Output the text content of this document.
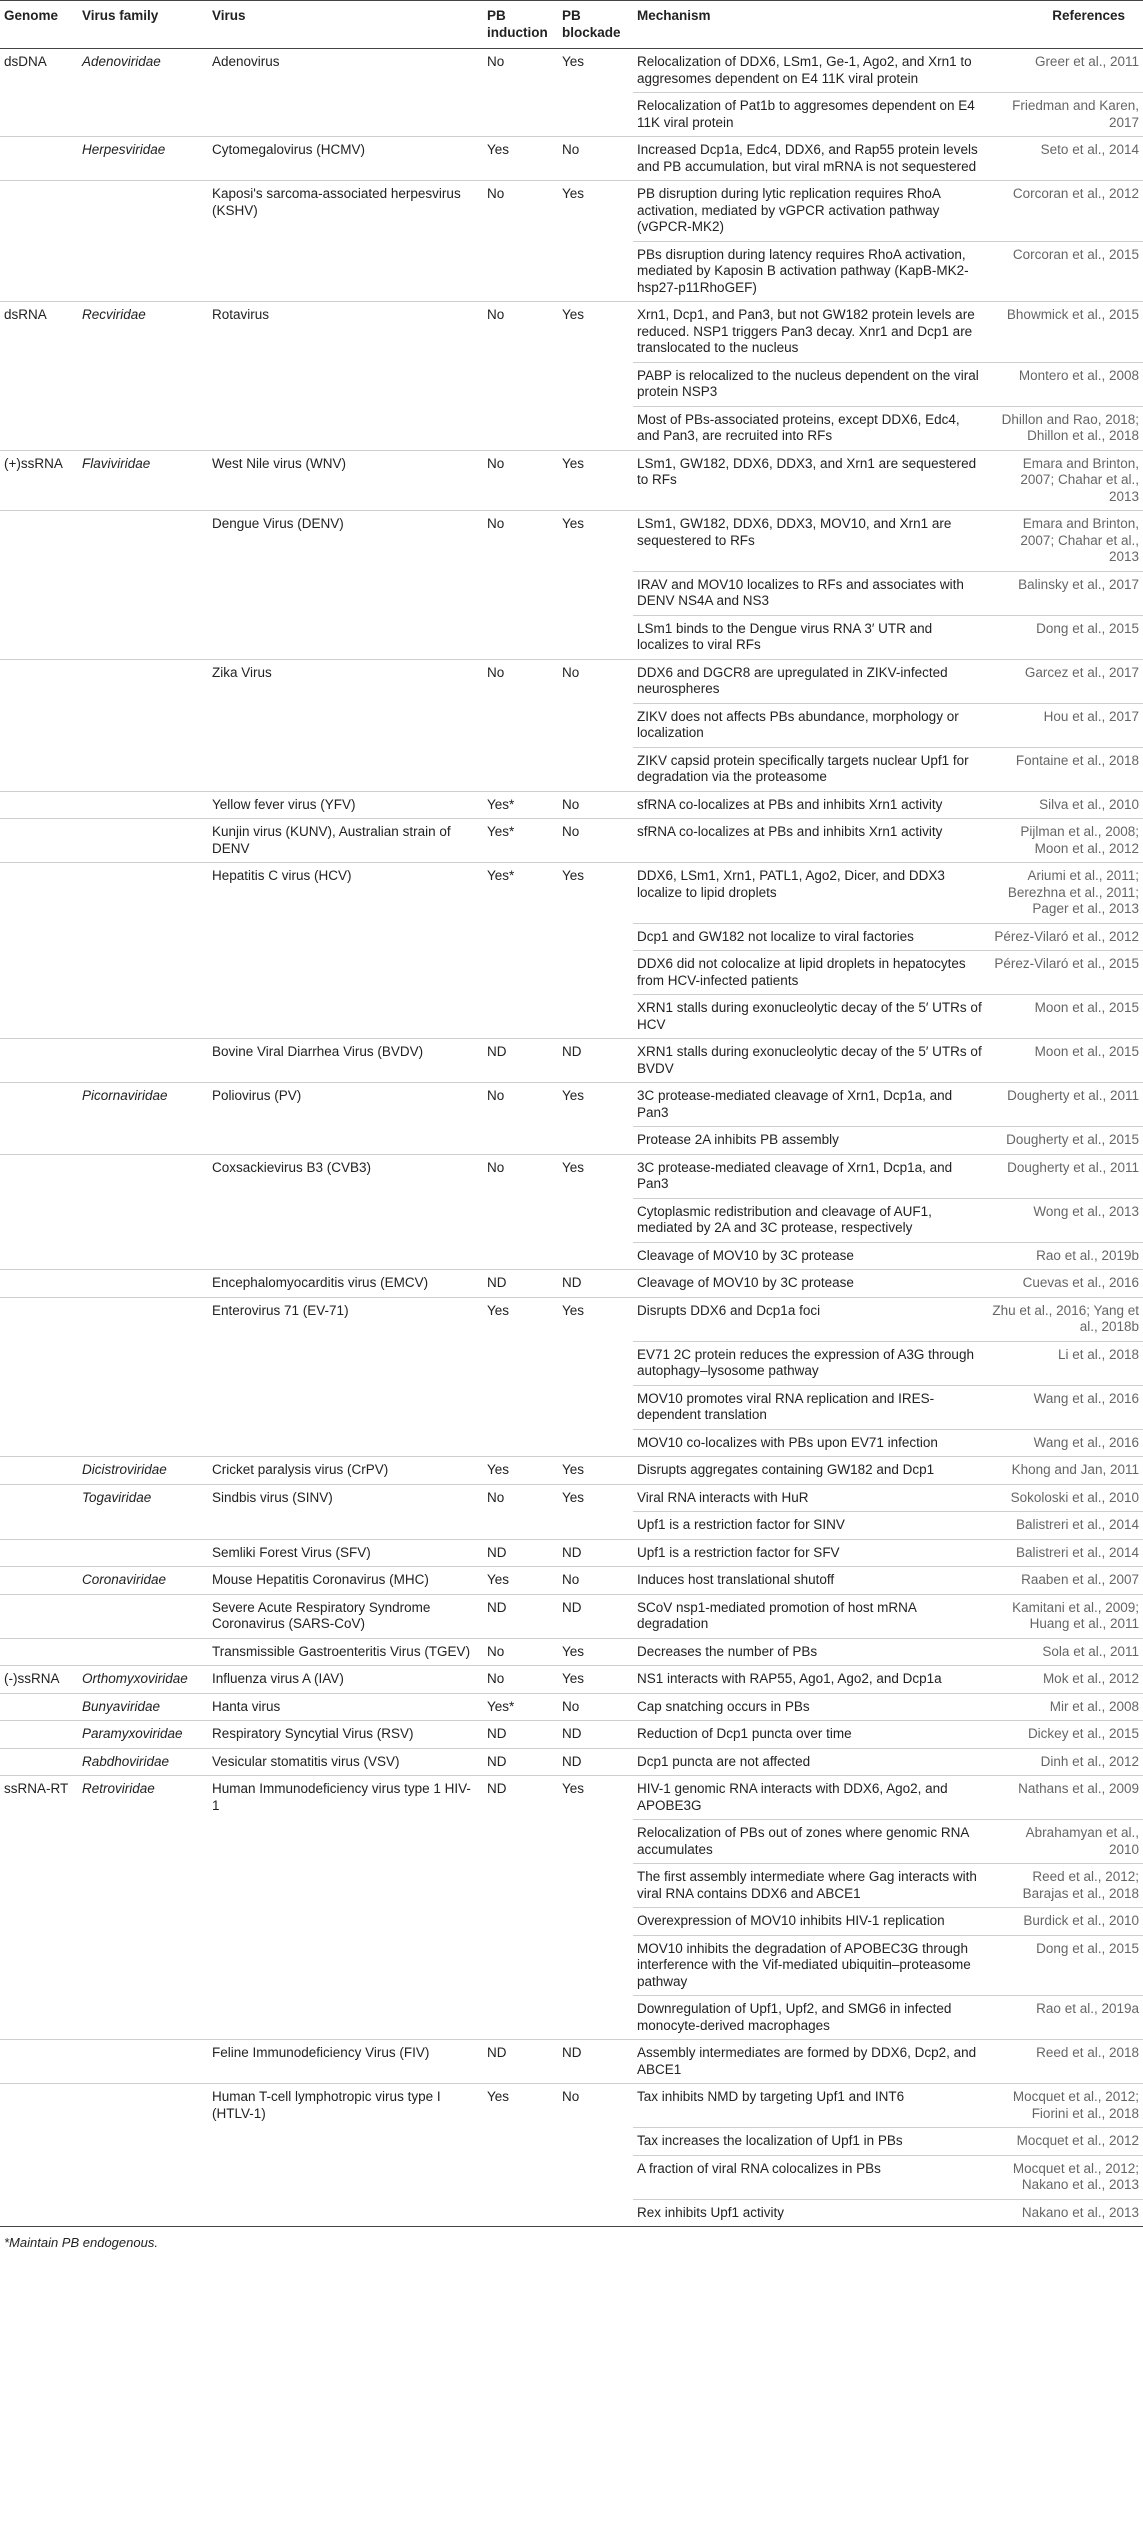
Genome	Virus family	Virus	PB induction	PB blockade	Mechanism	References
dsDNA	Adenoviridae	Adenovirus	No	Yes	Relocalization of DDX6, LSm1, Ge-1, Ago2, and Xrn1 to aggresomes dependent on E4 11K viral protein	Greer et al., 2011
					Relocalization of Pat1b to aggresomes dependent on E4 11K viral protein	Friedman and Karen, 2017
	Herpesviridae	Cytomegalovirus (HCMV)	Yes	No	Increased Dcp1a, Edc4, DDX6, and Rap55 protein levels and PB accumulation, but viral mRNA is not sequestered	Seto et al., 2014
		Kaposi's sarcoma-associated herpesvirus (KSHV)	No	Yes	PB disruption during lytic replication requires RhoA activation, mediated by vGPCR activation pathway (vGPCR-MK2)	Corcoran et al., 2012
					PBs disruption during latency requires RhoA activation, mediated by Kaposin B activation pathway (KapB-MK2-hsp27-p11RhoGEF)	Corcoran et al., 2015
dsRNA	Recviridae	Rotavirus	No	Yes	Xrn1, Dcp1, and Pan3, but not GW182 protein levels are reduced. NSP1 triggers Pan3 decay. Xnr1 and Dcp1 are translocated to the nucleus	Bhowmick et al., 2015
					PABP is relocalized to the nucleus dependent on the viral protein NSP3	Montero et al., 2008
					Most of PBs-associated proteins, except DDX6, Edc4, and Pan3, are recruited into RFs	Dhillon and Rao, 2018; Dhillon et al., 2018
(+)ssRNA	Flaviviridae	West Nile virus (WNV)	No	Yes	LSm1, GW182, DDX6, DDX3, and Xrn1 are sequestered to RFs	Emara and Brinton, 2007; Chahar et al., 2013
		Dengue Virus (DENV)	No	Yes	LSm1, GW182, DDX6, DDX3, MOV10, and Xrn1 are sequestered to RFs	Emara and Brinton, 2007; Chahar et al., 2013
					IRAV and MOV10 localizes to RFs and associates with DENV NS4A and NS3	Balinsky et al., 2017
					LSm1 binds to the Dengue virus RNA 3′ UTR and localizes to viral RFs	Dong et al., 2015
		Zika Virus	No	No	DDX6 and DGCR8 are upregulated in ZIKV-infected neurospheres	Garcez et al., 2017
					ZIKV does not affects PBs abundance, morphology or localization	Hou et al., 2017
					ZIKV capsid protein specifically targets nuclear Upf1 for degradation via the proteasome	Fontaine et al., 2018
		Yellow fever virus (YFV)	Yes*	No	sfRNA co-localizes at PBs and inhibits Xrn1 activity	Silva et al., 2010
		Kunjin virus (KUNV), Australian strain of DENV	Yes*	No	sfRNA co-localizes at PBs and inhibits Xrn1 activity	Pijlman et al., 2008; Moon et al., 2012
		Hepatitis C virus (HCV)	Yes*	Yes	DDX6, LSm1, Xrn1, PATL1, Ago2, Dicer, and DDX3 localize to lipid droplets	Ariumi et al., 2011; Berezhna et al., 2011; Pager et al., 2013
					Dcp1 and GW182 not localize to viral factories	Pérez-Vilaró et al., 2012
					DDX6 did not colocalize at lipid droplets in hepatocytes from HCV-infected patients	Pérez-Vilaró et al., 2015
					XRN1 stalls during exonucleolytic decay of the 5′ UTRs of HCV	Moon et al., 2015
		Bovine Viral Diarrhea Virus (BVDV)	ND	ND	XRN1 stalls during exonucleolytic decay of the 5′ UTRs of BVDV	Moon et al., 2015
	Picornaviridae	Poliovirus (PV)	No	Yes	3C protease-mediated cleavage of Xrn1, Dcp1a, and Pan3	Dougherty et al., 2011
					Protease 2A inhibits PB assembly	Dougherty et al., 2015
		Coxsackievirus B3 (CVB3)	No	Yes	3C protease-mediated cleavage of Xrn1, Dcp1a, and Pan3	Dougherty et al., 2011
					Cytoplasmic redistribution and cleavage of AUF1, mediated by 2A and 3C protease, respectively	Wong et al., 2013
					Cleavage of MOV10 by 3C protease	Rao et al., 2019b
		Encephalomyocarditis virus (EMCV)	ND	ND	Cleavage of MOV10 by 3C protease	Cuevas et al., 2016
		Enterovirus 71 (EV-71)	Yes	Yes	Disrupts DDX6 and Dcp1a foci	Zhu et al., 2016; Yang et al., 2018b
					EV71 2C protein reduces the expression of A3G through autophagy–lysosome pathway	Li et al., 2018
					MOV10 promotes viral RNA replication and IRES-dependent translation	Wang et al., 2016
					MOV10 co-localizes with PBs upon EV71 infection	Wang et al., 2016
	Dicistroviridae	Cricket paralysis virus (CrPV)	Yes	Yes	Disrupts aggregates containing GW182 and Dcp1	Khong and Jan, 2011
	Togaviridae	Sindbis virus (SINV)	No	Yes	Viral RNA interacts with HuR	Sokoloski et al., 2010
					Upf1 is a restriction factor for SINV	Balistreri et al., 2014
		Semliki Forest Virus (SFV)	ND	ND	Upf1 is a restriction factor for SFV	Balistreri et al., 2014
	Coronaviridae	Mouse Hepatitis Coronavirus (MHC)	Yes	No	Induces host translational shutoff	Raaben et al., 2007
		Severe Acute Respiratory Syndrome Coronavirus (SARS-CoV)	ND	ND	SCoV nsp1-mediated promotion of host mRNA degradation	Kamitani et al., 2009; Huang et al., 2011
		Transmissible Gastroenteritis Virus (TGEV)	No	Yes	Decreases the number of PBs	Sola et al., 2011
(-)ssRNA	Orthomyxoviridae	Influenza virus A (IAV)	No	Yes	NS1 interacts with RAP55, Ago1, Ago2, and Dcp1a	Mok et al., 2012
	Bunyaviridae	Hanta virus	Yes*	No	Cap snatching occurs in PBs	Mir et al., 2008
	Paramyxoviridae	Respiratory Syncytial Virus (RSV)	ND	ND	Reduction of Dcp1 puncta over time	Dickey et al., 2015
	Rabdhoviridae	Vesicular stomatitis virus (VSV)	ND	ND	Dcp1 puncta are not affected	Dinh et al., 2012
ssRNA-RT	Retroviridae	Human Immunodeficiency virus type 1 HIV-1	ND	Yes	HIV-1 genomic RNA interacts with DDX6, Ago2, and APOBE3G	Nathans et al., 2009
					Relocalization of PBs out of zones where genomic RNA accumulates	Abrahamyan et al., 2010
					The first assembly intermediate where Gag interacts with viral RNA contains DDX6 and ABCE1	Reed et al., 2012; Barajas et al., 2018
					Overexpression of MOV10 inhibits HIV-1 replication	Burdick et al., 2010
					MOV10 inhibits the degradation of APOBEC3G through interference with the Vif-mediated ubiquitin–proteasome pathway	Dong et al., 2015
					Downregulation of Upf1, Upf2, and SMG6 in infected monocyte-derived macrophages	Rao et al., 2019a
		Feline Immunodeficiency Virus (FIV)	ND	ND	Assembly intermediates are formed by DDX6, Dcp2, and ABCE1	Reed et al., 2018
		Human T-cell lymphotropic virus type I (HTLV-1)	Yes	No	Tax inhibits NMD by targeting Upf1 and INT6	Mocquet et al., 2012; Fiorini et al., 2018
					Tax increases the localization of Upf1 in PBs	Mocquet et al., 2012
					A fraction of viral RNA colocalizes in PBs	Mocquet et al., 2012; Nakano et al., 2013
					Rex inhibits Upf1 activity	Nakano et al., 2013
*Maintain PB endogenous.
